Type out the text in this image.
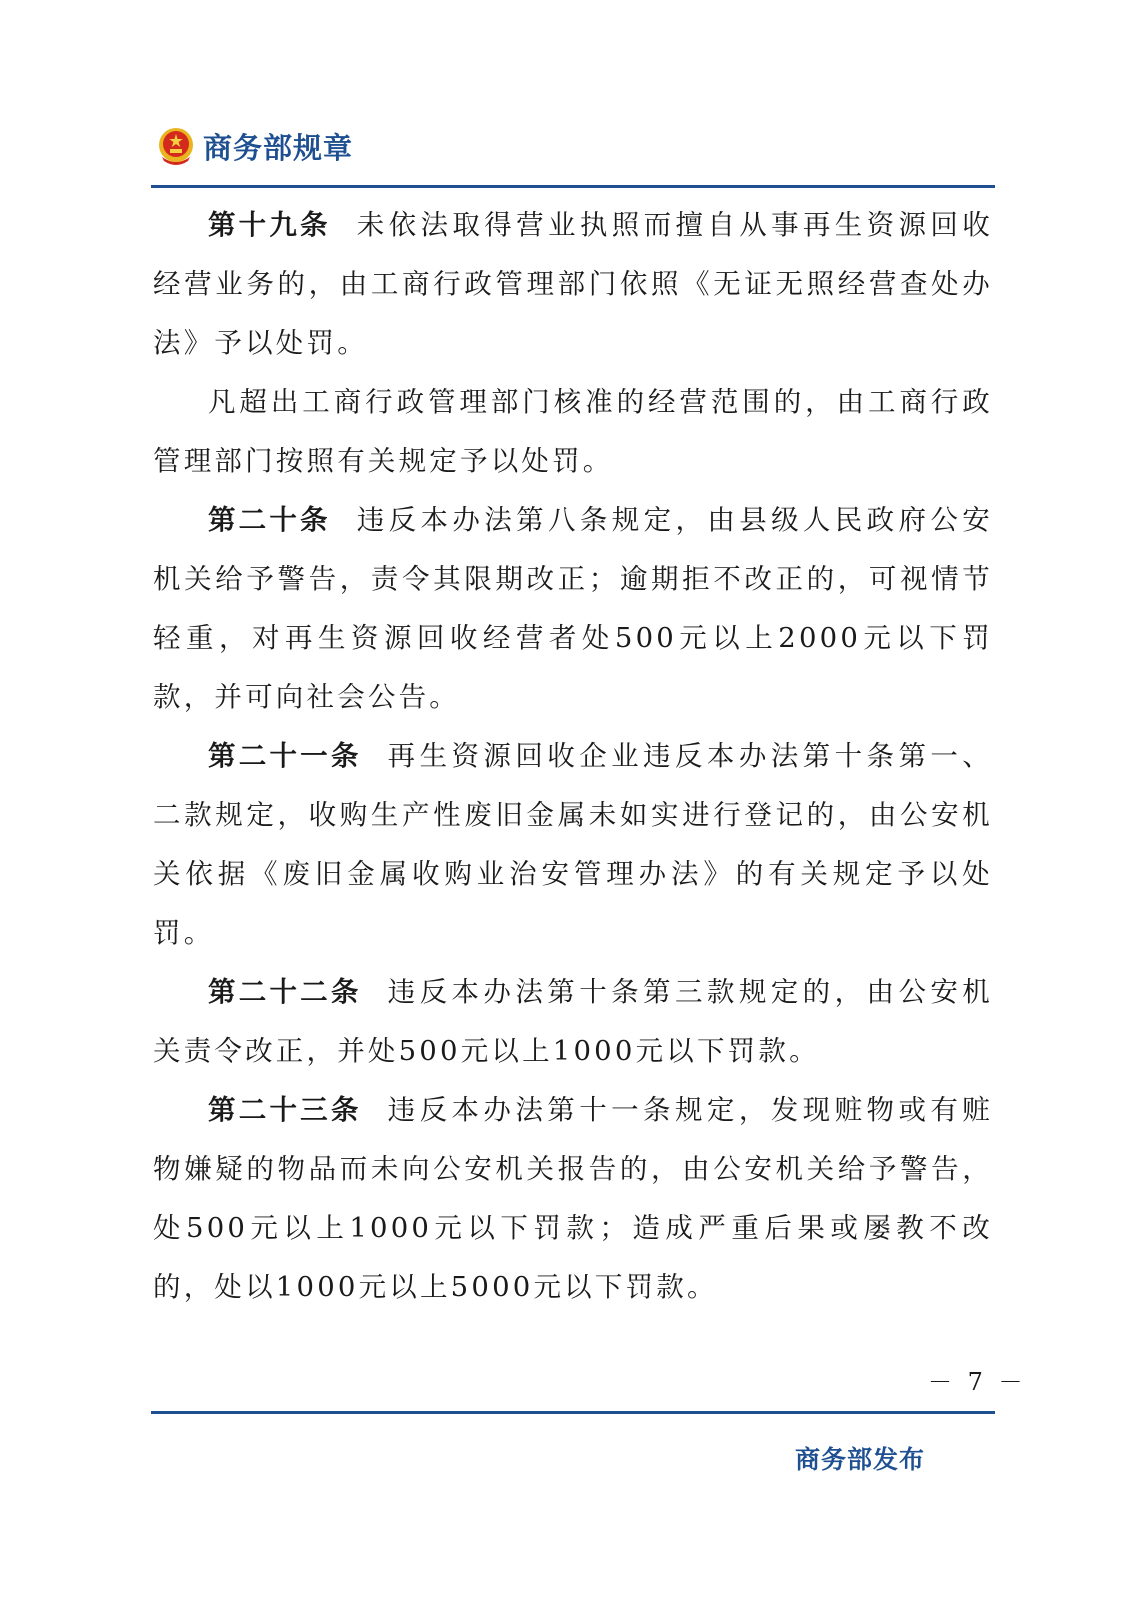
商务部规章

第十九条 未依法取得营业执照而擅自从事再生资源回收经营业务的，由工商行政管理部门依照《无证无照经营查处办法》予以处罚。

凡超出工商行政管理部门核准的经营范围的，由工商行政管理部门按照有关规定予以处罚。

第二十条 违反本办法第八条规定，由县级人民政府公安机关给予警告，责令其限期改正；逾期拒不改正的，可视情节轻重，对再生资源回收经营者处500元以上2000元以下罚款，并可向社会公告。

第二十一条 再生资源回收企业违反本办法第十条第一、二款规定，收购生产性废旧金属未如实进行登记的，由公安机关依据《废旧金属收购业治安管理办法》的有关规定予以处罚。

第二十二条 违反本办法第十条第三款规定的，由公安机关责令改正，并处500元以上1000元以下罚款。

第二十三条 违反本办法第十一条规定，发现赃物或有赃物嫌疑的物品而未向公安机关报告的，由公安机关给予警告，处500元以上1000元以下罚款；造成严重后果或屡教不改的，处以1000元以上5000元以下罚款。

－ 7 －
商务部发布
